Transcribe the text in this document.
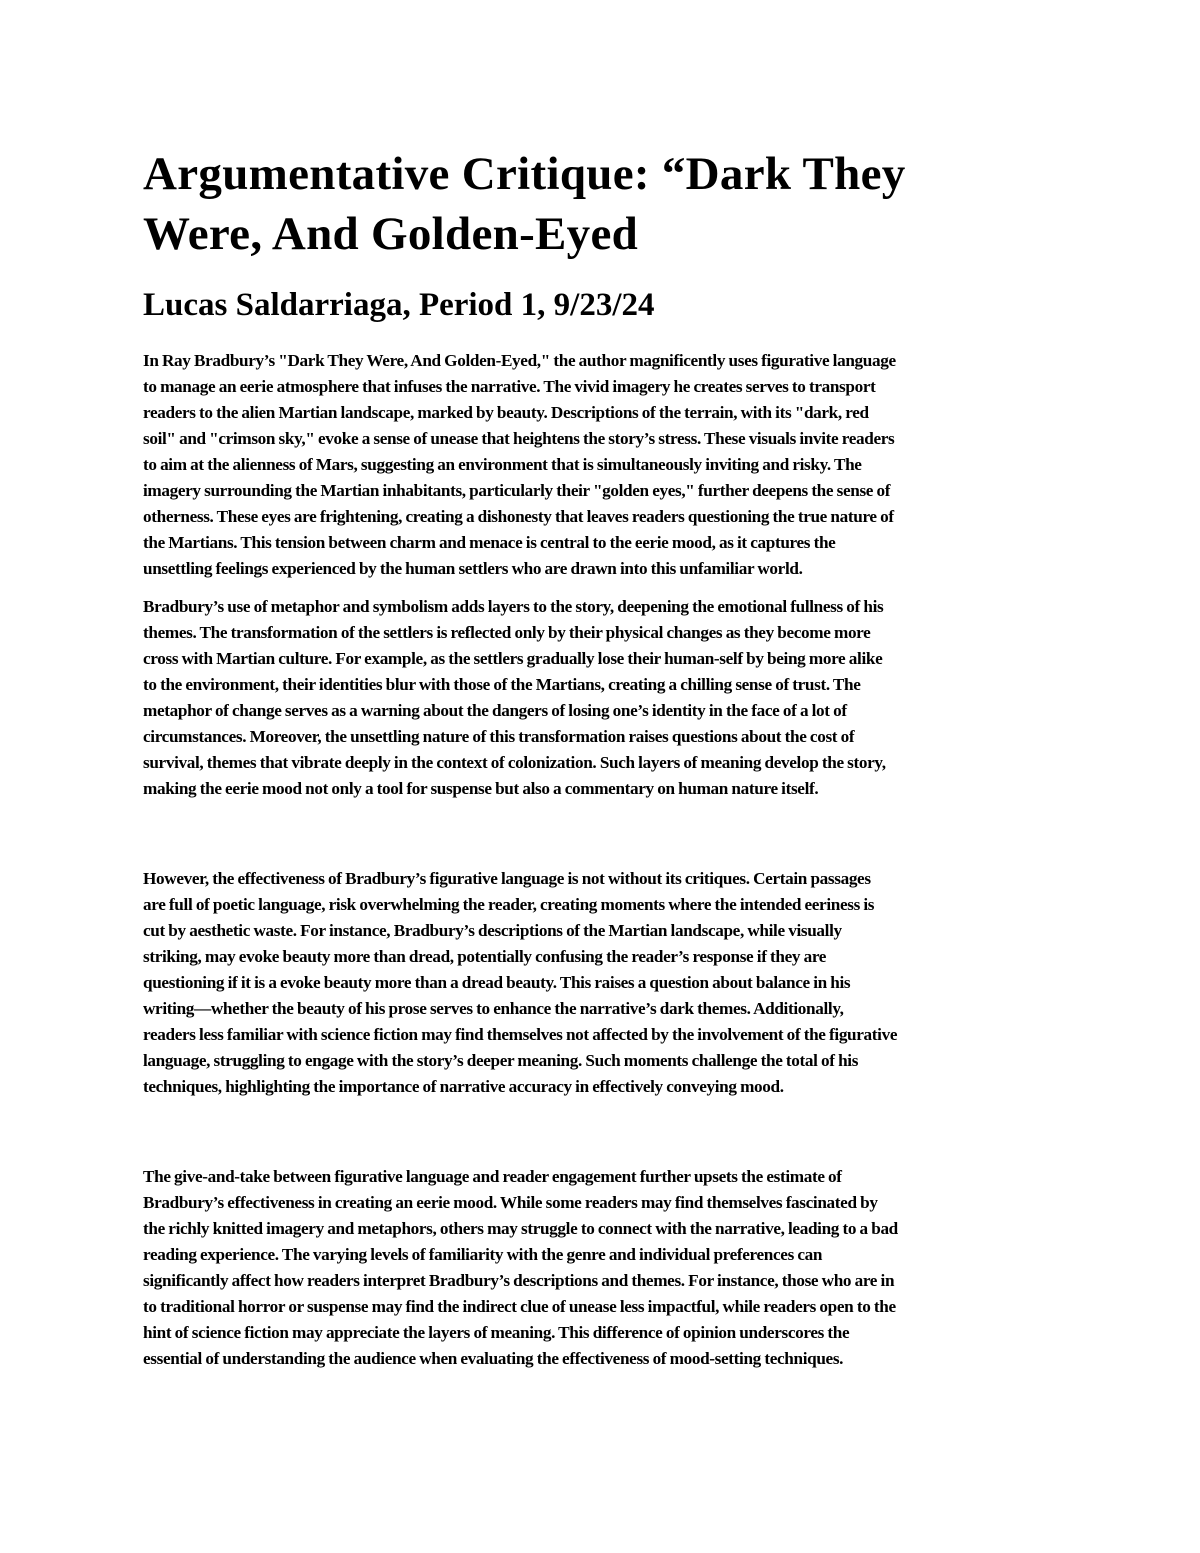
Argumentative Critique: “Dark They
Were, And Golden-Eyed
Lucas Saldarriaga, Period 1, 9/23/24

In Ray Bradbury’s "Dark They Were, And Golden-Eyed," the author magnificently uses figurative language
to manage an eerie atmosphere that infuses the narrative. The vivid imagery he creates serves to transport
readers to the alien Martian landscape, marked by beauty. Descriptions of the terrain, with its "dark, red
soil" and "crimson sky," evoke a sense of unease that heightens the story’s stress. These visuals invite readers
to aim at the alienness of Mars, suggesting an environment that is simultaneously inviting and risky. The
imagery surrounding the Martian inhabitants, particularly their "golden eyes," further deepens the sense of
otherness. These eyes are frightening, creating a dishonesty that leaves readers questioning the true nature of
the Martians. This tension between charm and menace is central to the eerie mood, as it captures the
unsettling feelings experienced by the human settlers who are drawn into this unfamiliar world.

Bradbury’s use of metaphor and symbolism adds layers to the story, deepening the emotional fullness of his
themes. The transformation of the settlers is reflected only by their physical changes as they become more
cross with Martian culture. For example, as the settlers gradually lose their human-self by being more alike
to the environment, their identities blur with those of the Martians, creating a chilling sense of trust. The
metaphor of change serves as a warning about the dangers of losing one’s identity in the face of a lot of
circumstances. Moreover, the unsettling nature of this transformation raises questions about the cost of
survival, themes that vibrate deeply in the context of colonization. Such layers of meaning develop the story,
making the eerie mood not only a tool for suspense but also a commentary on human nature itself.

However, the effectiveness of Bradbury’s figurative language is not without its critiques. Certain passages
are full of poetic language, risk overwhelming the reader, creating moments where the intended eeriness is
cut by aesthetic waste. For instance, Bradbury’s descriptions of the Martian landscape, while visually
striking, may evoke beauty more than dread, potentially confusing the reader’s response if they are
questioning if it is a evoke beauty more than a dread beauty. This raises a question about balance in his
writing—whether the beauty of his prose serves to enhance the narrative’s dark themes. Additionally,
readers less familiar with science fiction may find themselves not affected by the involvement of the figurative
language, struggling to engage with the story’s deeper meaning. Such moments challenge the total of his
techniques, highlighting the importance of narrative accuracy in effectively conveying mood.

The give-and-take between figurative language and reader engagement further upsets the estimate of
Bradbury’s effectiveness in creating an eerie mood. While some readers may find themselves fascinated by
the richly knitted imagery and metaphors, others may struggle to connect with the narrative, leading to a bad
reading experience. The varying levels of familiarity with the genre and individual preferences can
significantly affect how readers interpret Bradbury’s descriptions and themes. For instance, those who are in
to traditional horror or suspense may find the indirect clue of unease less impactful, while readers open to the
hint of science fiction may appreciate the layers of meaning. This difference of opinion underscores the
essential of understanding the audience when evaluating the effectiveness of mood-setting techniques.
